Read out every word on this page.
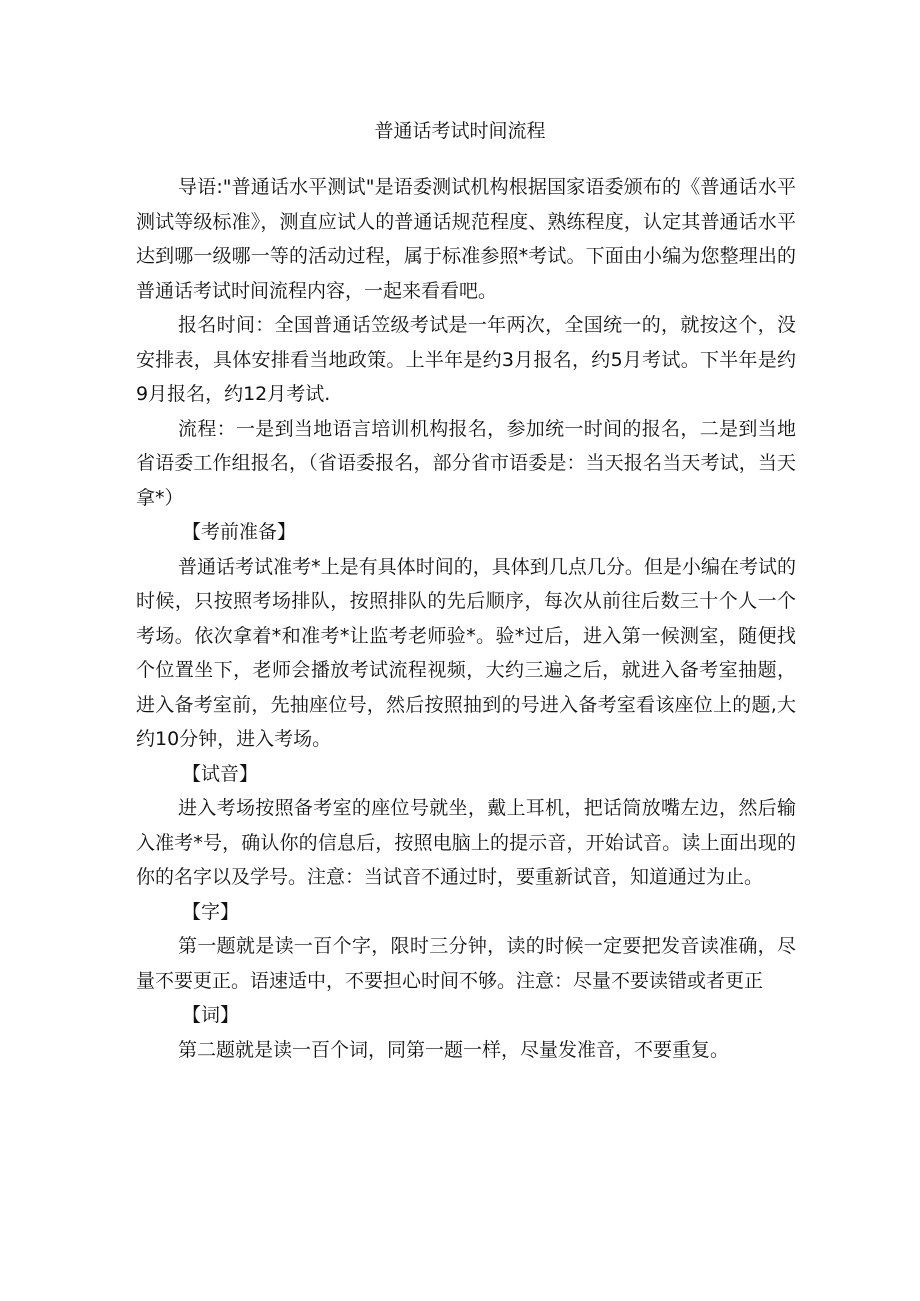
普通话考试时间流程

导语:"普通话水平测试"是语委测试机构根据国家语委颁布的《普通话水平测试等级标准》，测直应试人的普通话规范程度、熟练程度，认定其普通话水平达到哪一级哪一等的活动过程，属于标准参照*考试。下面由小编为您整理出的普通话考试时间流程内容，一起来看看吧。

报名时间：全国普通话笠级考试是一年两次，全国统一的，就按这个，没安排表，具体安排看当地政策。上半年是约3月报名，约5月考试。下半年是约9月报名，约12月考试.

流程：一是到当地语言培训机构报名，参加统一时间的报名，二是到当地省语委工作组报名，（省语委报名，部分省市语委是：当天报名当天考试，当天拿*）

【考前准备】

普通话考试准考*上是有具体时间的，具体到几点几分。但是小编在考试的时候，只按照考场排队，按照排队的先后顺序，每次从前往后数三十个人一个考场。依次拿着*和准考*让监考老师验*。验*过后，进入第一候测室，随便找个位置坐下，老师会播放考试流程视频，大约三遍之后，就进入备考室抽题，进入备考室前，先抽座位号，然后按照抽到的号进入备考室看该座位上的题,大约10分钟，进入考场。

【试音】

进入考场按照备考室的座位号就坐，戴上耳机，把话筒放嘴左边，然后输入准考*号，确认你的信息后，按照电脑上的提示音，开始试音。读上面出现的你的名字以及学号。注意：当试音不通过时，要重新试音，知道通过为止。

【字】

第一题就是读一百个字，限时三分钟，读的时候一定要把发音读准确，尽量不要更正。语速适中，不要担心时间不够。注意：尽量不要读错或者更正

【词】

第二题就是读一百个词，同第一题一样，尽量发准音，不要重复。
